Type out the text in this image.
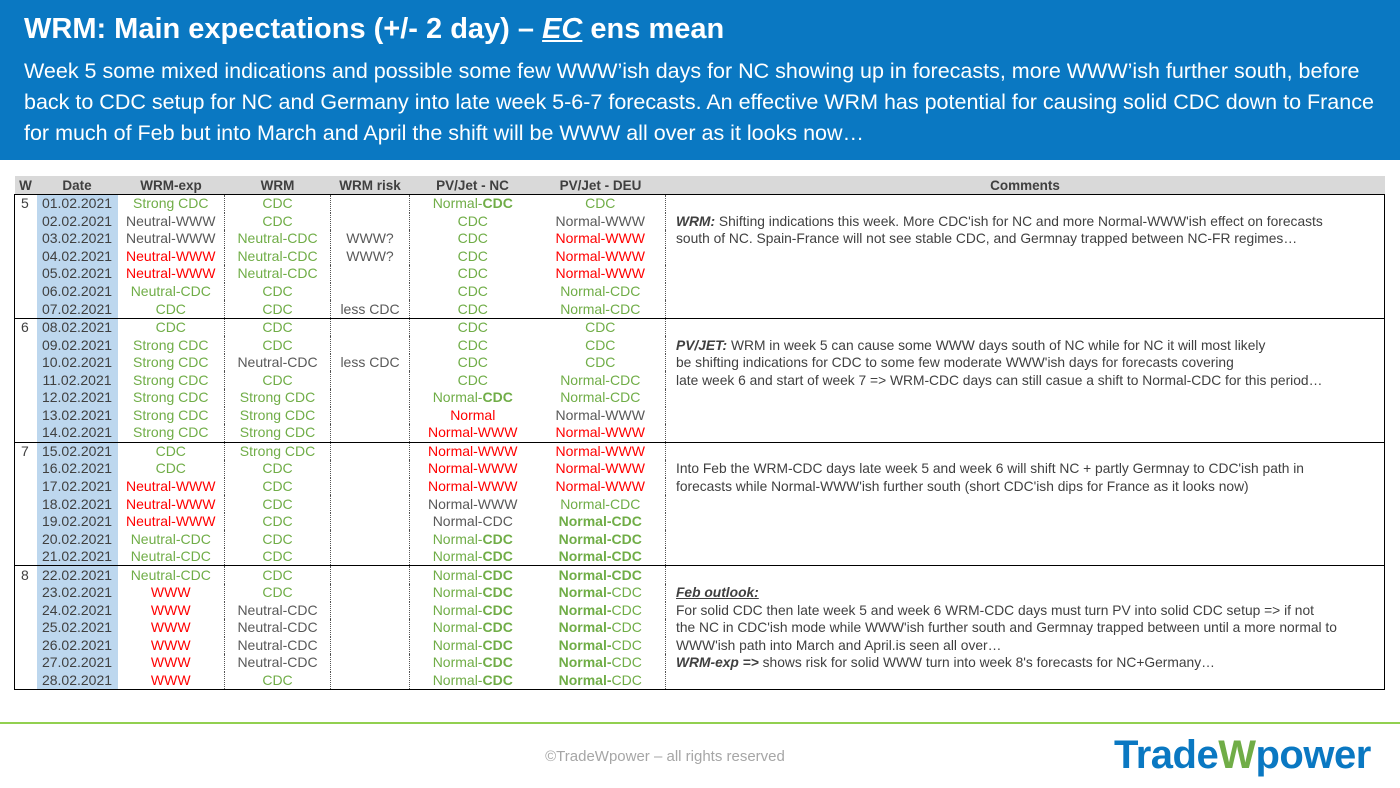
WRM: Main expectations (+/- 2 day) – EC ens mean
Week 5 some mixed indications and possible some few WWW’ish days for NC showing up in forecasts, more WWW’ish further south, before back to CDC setup for NC and Germany into late week 5-6-7 forecasts. An effective WRM has potential for causing solid CDC down to France for much of Feb but into March and April the shift will be WWW all over as it looks now…
W	Date	WRM-exp	WRM	WRM risk	PV/Jet - NC	PV/Jet - DEU	Comments
5	01.02.2021	Strong CDC	CDC		Normal-CDC	CDC	
	02.02.2021	Neutral-WWW	CDC		CDC	Normal-WWW	WRM: Shifting indications this week. More CDC'ish for NC and more Normal-WWW'ish effect on forecasts
	03.02.2021	Neutral-WWW	Neutral-CDC	WWW?	CDC	Normal-WWW	south of NC. Spain-France will not see stable CDC, and Germnay trapped between NC-FR regimes…
	04.02.2021	Neutral-WWW	Neutral-CDC	WWW?	CDC	Normal-WWW	
	05.02.2021	Neutral-WWW	Neutral-CDC		CDC	Normal-WWW	
	06.02.2021	Neutral-CDC	CDC		CDC	Normal-CDC	
	07.02.2021	CDC	CDC	less CDC	CDC	Normal-CDC	
6	08.02.2021	CDC	CDC		CDC	CDC	
	09.02.2021	Strong CDC	CDC		CDC	CDC	PV/JET: WRM in week 5 can cause some WWW days south of NC while for NC it will most likely
	10.02.2021	Strong CDC	Neutral-CDC	less CDC	CDC	CDC	be shifting indications for CDC to some few moderate WWW'ish days for forecasts covering
	11.02.2021	Strong CDC	CDC		CDC	Normal-CDC	late week 6 and start of week 7 => WRM-CDC days can still casue a shift to Normal-CDC for this period…
	12.02.2021	Strong CDC	Strong CDC		Normal-CDC	Normal-CDC	
	13.02.2021	Strong CDC	Strong CDC		Normal	Normal-WWW	
	14.02.2021	Strong CDC	Strong CDC		Normal-WWW	Normal-WWW	
7	15.02.2021	CDC	Strong CDC		Normal-WWW	Normal-WWW	
	16.02.2021	CDC	CDC		Normal-WWW	Normal-WWW	Into Feb the WRM-CDC days late week 5 and week 6 will shift NC + partly Germnay to CDC'ish path in
	17.02.2021	Neutral-WWW	CDC		Normal-WWW	Normal-WWW	forecasts while Normal-WWW'ish further south (short CDC'ish dips for France as it looks now)
	18.02.2021	Neutral-WWW	CDC		Normal-WWW	Normal-CDC	
	19.02.2021	Neutral-WWW	CDC		Normal-CDC	Normal-CDC	
	20.02.2021	Neutral-CDC	CDC		Normal-CDC	Normal-CDC	
	21.02.2021	Neutral-CDC	CDC		Normal-CDC	Normal-CDC	
8	22.02.2021	Neutral-CDC	CDC		Normal-CDC	Normal-CDC	
	23.02.2021	WWW	CDC		Normal-CDC	Normal-CDC	Feb outlook:
	24.02.2021	WWW	Neutral-CDC		Normal-CDC	Normal-CDC	For solid CDC then late week 5 and week 6 WRM-CDC days must turn PV into solid CDC setup => if not
	25.02.2021	WWW	Neutral-CDC		Normal-CDC	Normal-CDC	the NC in CDC'ish mode while WWW'ish further south and Germnay trapped between until a more normal to
	26.02.2021	WWW	Neutral-CDC		Normal-CDC	Normal-CDC	WWW'ish path into March and April.is seen all over…
	27.02.2021	WWW	Neutral-CDC		Normal-CDC	Normal-CDC	WRM-exp => shows risk for solid WWW turn into week 8's forecasts for NC+Germany…
	28.02.2021	WWW	CDC		Normal-CDC	Normal-CDC	
©TradeWpower – all rights reserved	TradeWpower
